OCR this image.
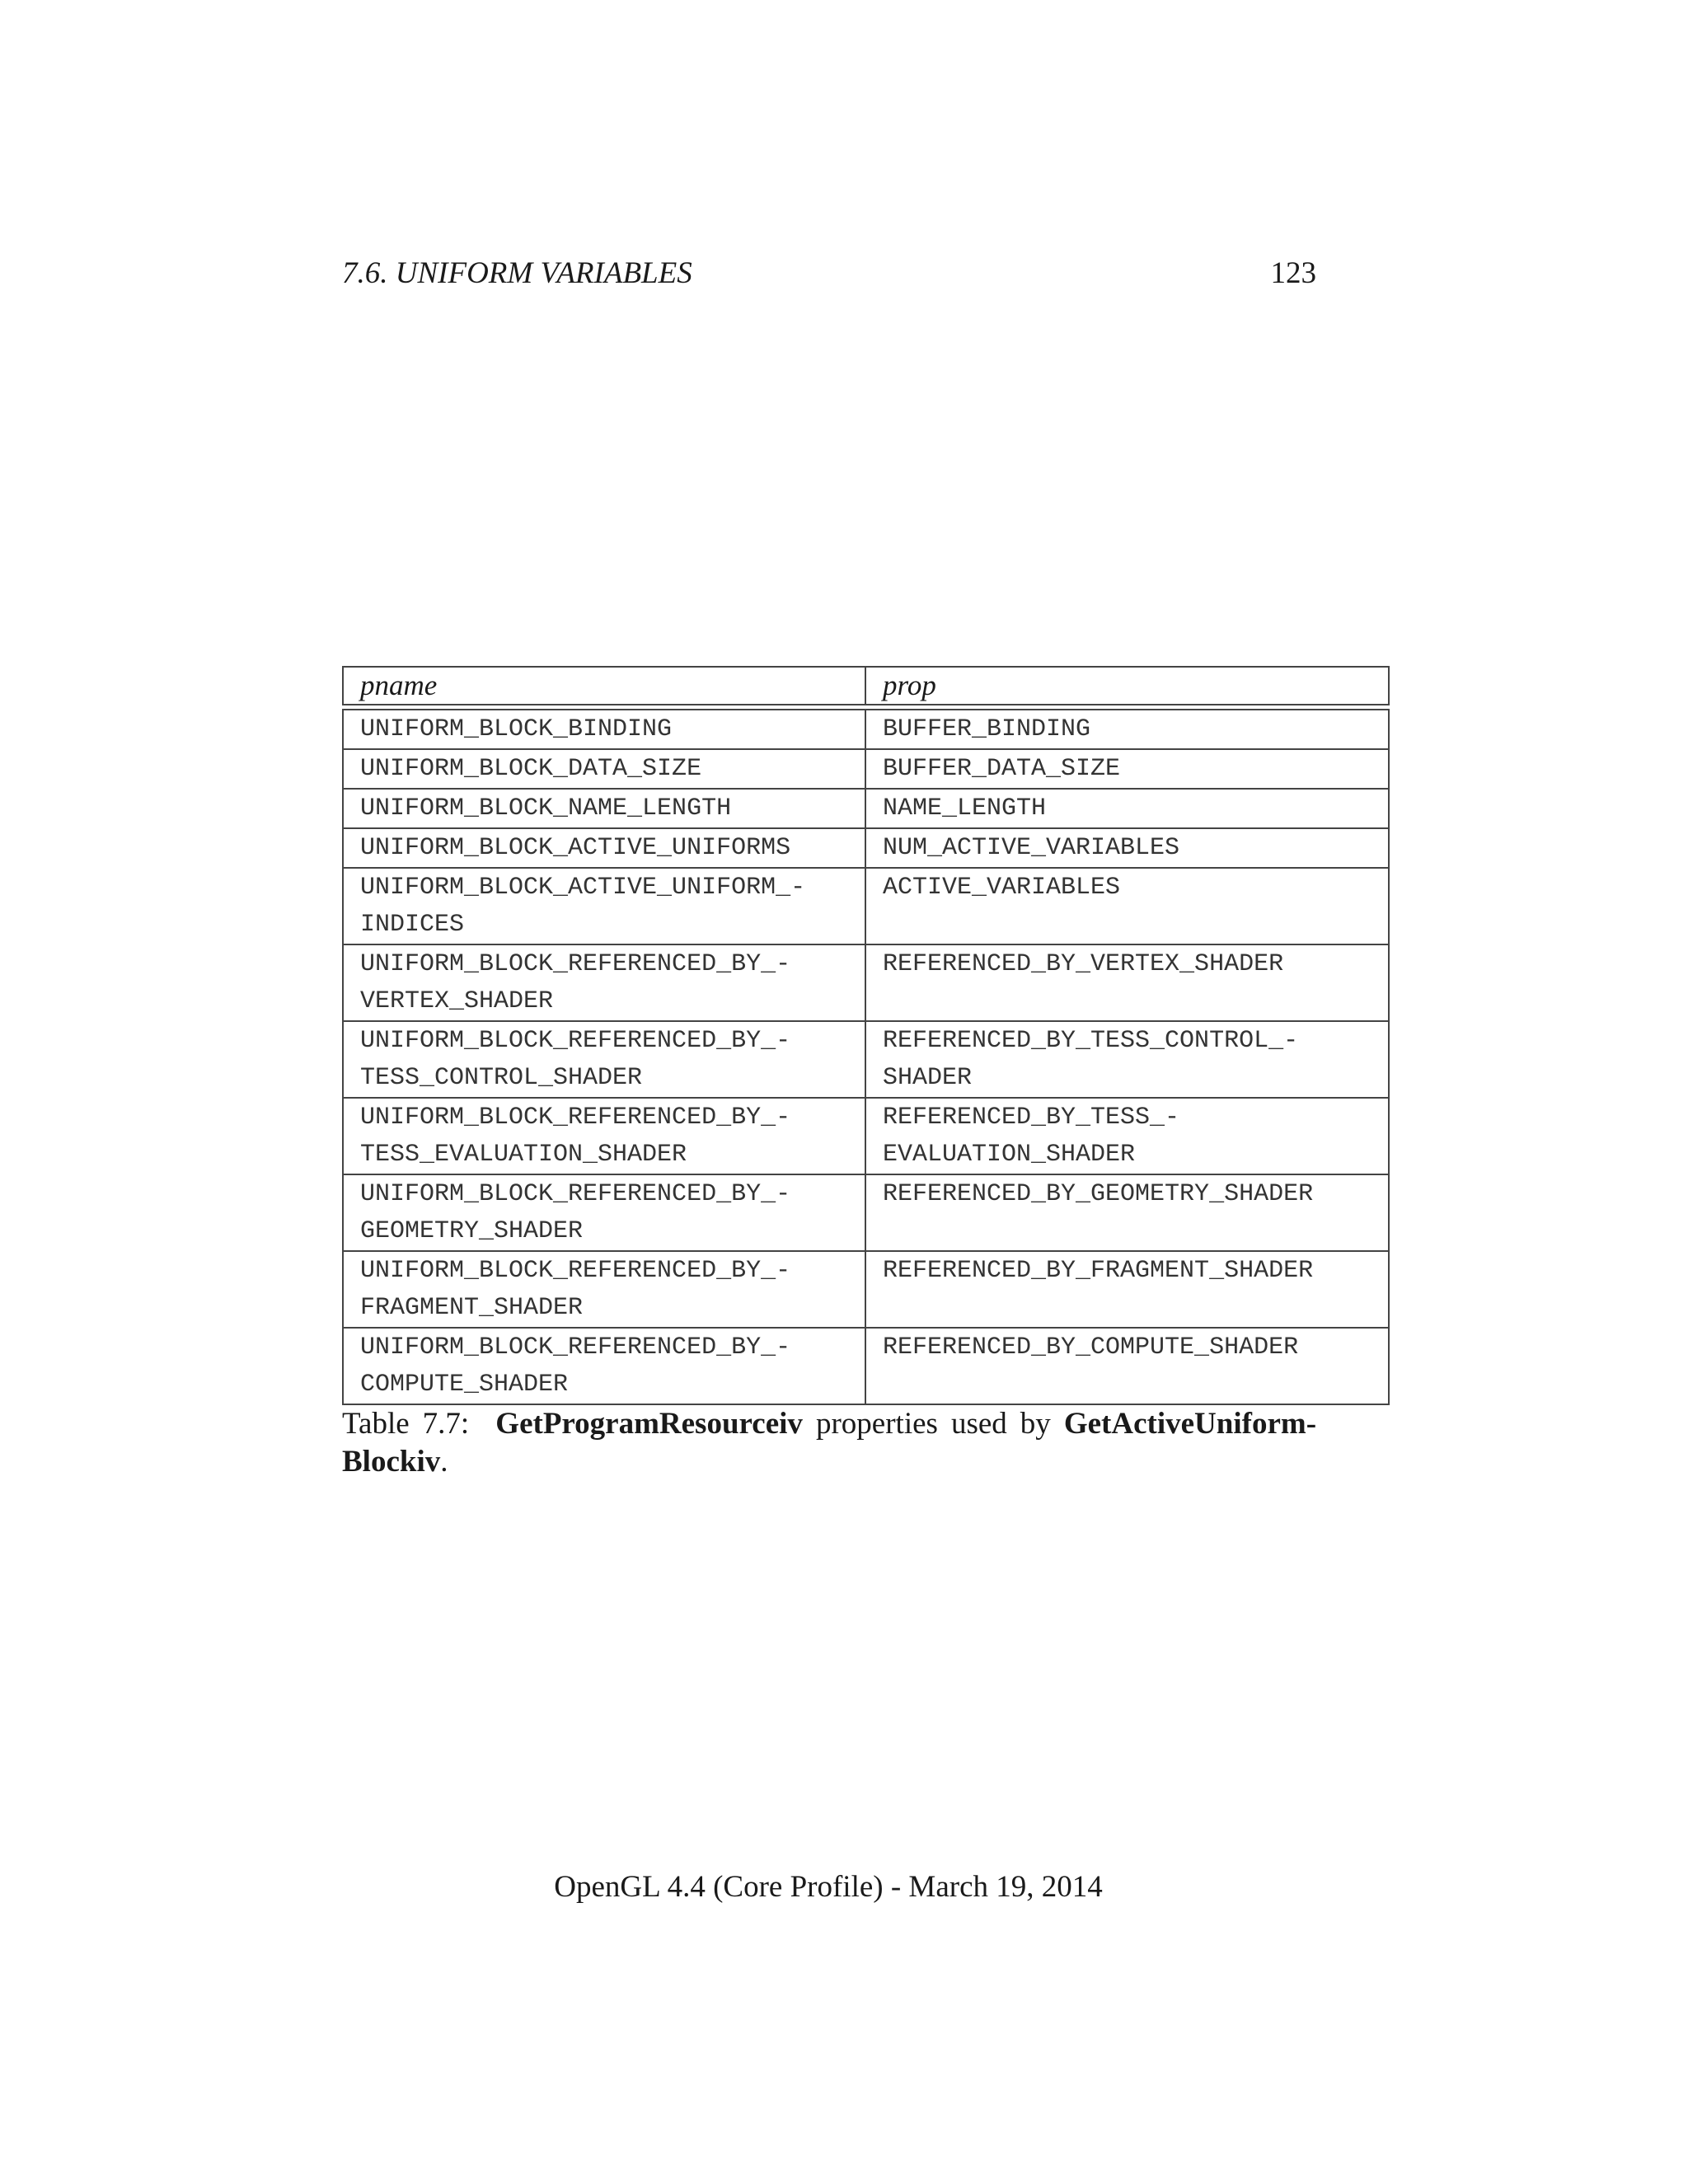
7.6. UNIFORM VARIABLES	123
pname	prop

UNIFORM_BLOCK_BINDING	BUFFER_BINDING
UNIFORM_BLOCK_DATA_SIZE	BUFFER_DATA_SIZE
UNIFORM_BLOCK_NAME_LENGTH	NAME_LENGTH
UNIFORM_BLOCK_ACTIVE_UNIFORMS	NUM_ACTIVE_VARIABLES
UNIFORM_BLOCK_ACTIVE_UNIFORM_-
INDICES	ACTIVE_VARIABLES
UNIFORM_BLOCK_REFERENCED_BY_-
VERTEX_SHADER	REFERENCED_BY_VERTEX_SHADER
UNIFORM_BLOCK_REFERENCED_BY_-
TESS_CONTROL_SHADER	REFERENCED_BY_TESS_CONTROL_-
SHADER
UNIFORM_BLOCK_REFERENCED_BY_-
TESS_EVALUATION_SHADER	REFERENCED_BY_TESS_-
EVALUATION_SHADER
UNIFORM_BLOCK_REFERENCED_BY_-
GEOMETRY_SHADER	REFERENCED_BY_GEOMETRY_SHADER
UNIFORM_BLOCK_REFERENCED_BY_-
FRAGMENT_SHADER	REFERENCED_BY_FRAGMENT_SHADER
UNIFORM_BLOCK_REFERENCED_BY_-
COMPUTE_SHADER	REFERENCED_BY_COMPUTE_SHADER
Table 7.7: GetProgramResourceiv properties used by GetActiveUniform-Blockiv.
OpenGL 4.4 (Core Profile) - March 19, 2014
